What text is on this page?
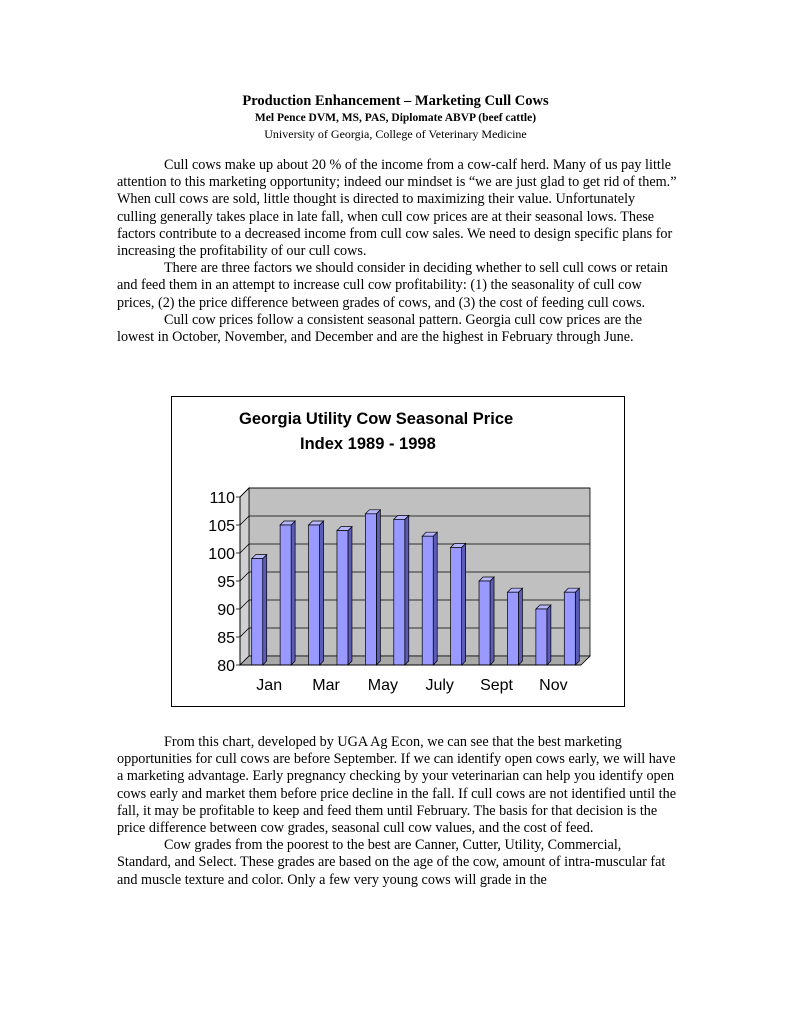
Production Enhancement – Marketing Cull Cows
Mel Pence DVM, MS, PAS, Diplomate ABVP (beef cattle)
University of Georgia, College of Veterinary Medicine

Cull cows make up about 20 % of the income from a cow-calf herd. Many of us pay little attention to this marketing opportunity; indeed our mindset is “we are just glad to get rid of them.” When cull cows are sold, little thought is directed to maximizing their value. Unfortunately culling generally takes place in late fall, when cull cow prices are at their seasonal lows. These factors contribute to a decreased income from cull cow sales. We need to design specific plans for increasing the profitability of our cull cows.

There are three factors we should consider in deciding whether to sell cull cows or retain and feed them in an attempt to increase cull cow profitability: (1) the seasonality of cull cow prices, (2) the price difference between grades of cows, and (3) the cost of feeding cull cows.

Cull cow prices follow a consistent seasonal pattern. Georgia cull cow prices are the lowest in October, November, and December and are the highest in February through June.

Georgia Utility Cow Seasonal Price
Index 1989 - 1998
80
85
90
95
100
105
110
Jan Mar May July Sept Nov

From this chart, developed by UGA Ag Econ, we can see that the best marketing opportunities for cull cows are before September. If we can identify open cows early, we will have a marketing advantage. Early pregnancy checking by your veterinarian can help you identify open cows early and market them before price decline in the fall. If cull cows are not identified until the fall, it may be profitable to keep and feed them until February. The basis for that decision is the price difference between cow grades, seasonal cull cow values, and the cost of feed.

Cow grades from the poorest to the best are Canner, Cutter, Utility, Commercial, Standard, and Select. These grades are based on the age of the cow, amount of intra-muscular fat and muscle texture and color. Only a few very young cows will grade in the
